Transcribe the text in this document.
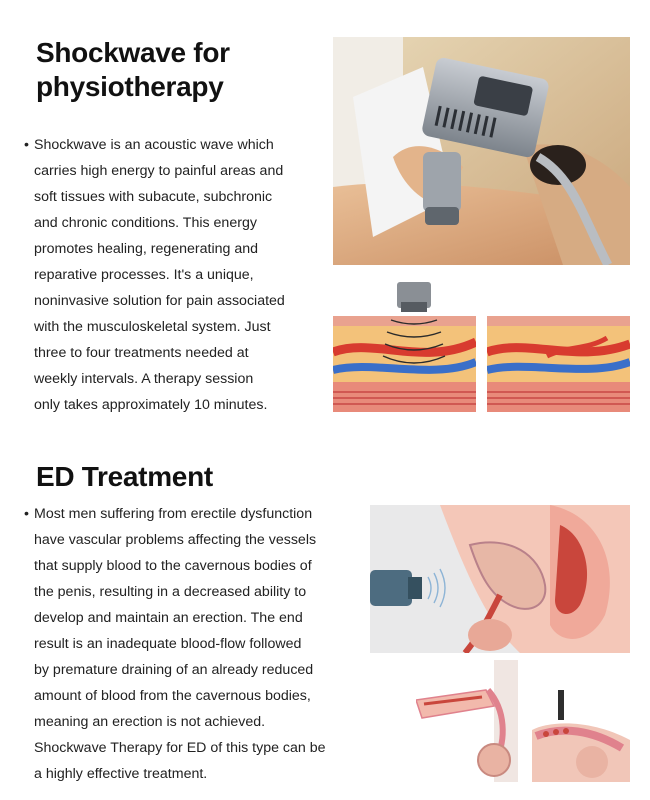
Shockwave for
physiotherapy
• Shockwave is an acoustic wave which
carries high energy to painful areas and
soft tissues with subacute, subchronic
and chronic conditions. This energy
promotes healing, regenerating and
reparative processes. It's a unique,
noninvasive solution for pain associated
with the musculoskeletal system. Just
three to four treatments needed at
weekly intervals. A therapy session
only takes approximately 10 minutes.
ED Treatment
• Most men suffering from erectile dysfunction
have vascular problems affecting the vessels
that supply blood to the cavernous bodies of
the penis, resulting in a decreased ability to
develop and maintain an erection. The end
result is an inadequate blood-flow followed
by premature draining of an already reduced
amount of blood from the cavernous bodies,
meaning an erection is not achieved.
Shockwave Therapy for ED of this type can be
a highly effective treatment.
